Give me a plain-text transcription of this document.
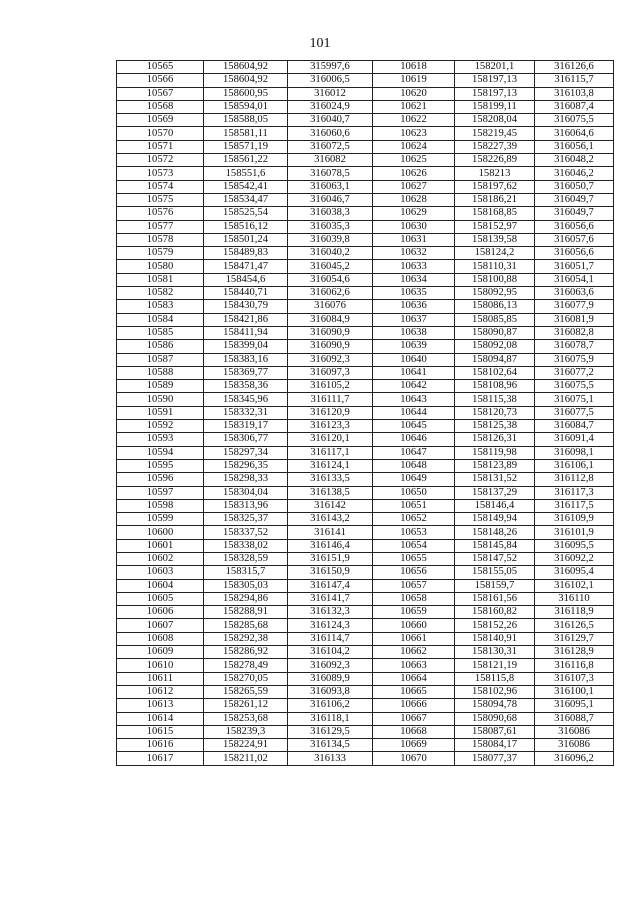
101
10565	158604,92	315997,6	10618	158201,1	316126,6
10566	158604,92	316006,5	10619	158197,13	316115,7
10567	158600,95	316012	10620	158197,13	316103,8
10568	158594,01	316024,9	10621	158199,11	316087,4
10569	158588,05	316040,7	10622	158208,04	316075,5
10570	158581,11	316060,6	10623	158219,45	316064,6
10571	158571,19	316072,5	10624	158227,39	316056,1
10572	158561,22	316082	10625	158226,89	316048,2
10573	158551,6	316078,5	10626	158213	316046,2
10574	158542,41	316063,1	10627	158197,62	316050,7
10575	158534,47	316046,7	10628	158186,21	316049,7
10576	158525,54	316038,3	10629	158168,85	316049,7
10577	158516,12	316035,3	10630	158152,97	316056,6
10578	158501,24	316039,8	10631	158139,58	316057,6
10579	158489,83	316040,2	10632	158124,2	316056,6
10580	158471,47	316045,2	10633	158110,31	316051,7
10581	158454,6	316054,6	10634	158100,88	316054,1
10582	158440,71	316062,6	10635	158092,95	316063,6
10583	158430,79	316076	10636	158086,13	316077,9
10584	158421,86	316084,9	10637	158085,85	316081,9
10585	158411,94	316090,9	10638	158090,87	316082,8
10586	158399,04	316090,9	10639	158092,08	316078,7
10587	158383,16	316092,3	10640	158094,87	316075,9
10588	158369,77	316097,3	10641	158102,64	316077,2
10589	158358,36	316105,2	10642	158108,96	316075,5
10590	158345,96	316111,7	10643	158115,38	316075,1
10591	158332,31	316120,9	10644	158120,73	316077,5
10592	158319,17	316123,3	10645	158125,38	316084,7
10593	158306,77	316120,1	10646	158126,31	316091,4
10594	158297,34	316117,1	10647	158119,98	316098,1
10595	158296,35	316124,1	10648	158123,89	316106,1
10596	158298,33	316133,5	10649	158131,52	316112,8
10597	158304,04	316138,5	10650	158137,29	316117,3
10598	158313,96	316142	10651	158146,4	316117,5
10599	158325,37	316143,2	10652	158149,94	316109,9
10600	158337,52	316141	10653	158148,26	316101,9
10601	158338,02	316146,4	10654	158145,84	316095,5
10602	158328,59	316151,9	10655	158147,52	316092,2
10603	158315,7	316150,9	10656	158155,05	316095,4
10604	158305,03	316147,4	10657	158159,7	316102,1
10605	158294,86	316141,7	10658	158161,56	316110
10606	158288,91	316132,3	10659	158160,82	316118,9
10607	158285,68	316124,3	10660	158152,26	316126,5
10608	158292,38	316114,7	10661	158140,91	316129,7
10609	158286,92	316104,2	10662	158130,31	316128,9
10610	158278,49	316092,3	10663	158121,19	316116,8
10611	158270,05	316089,9	10664	158115,8	316107,3
10612	158265,59	316093,8	10665	158102,96	316100,1
10613	158261,12	316106,2	10666	158094,78	316095,1
10614	158253,68	316118,1	10667	158090,68	316088,7
10615	158239,3	316129,5	10668	158087,61	316086
10616	158224,91	316134,5	10669	158084,17	316086
10617	158211,02	316133	10670	158077,37	316096,2
